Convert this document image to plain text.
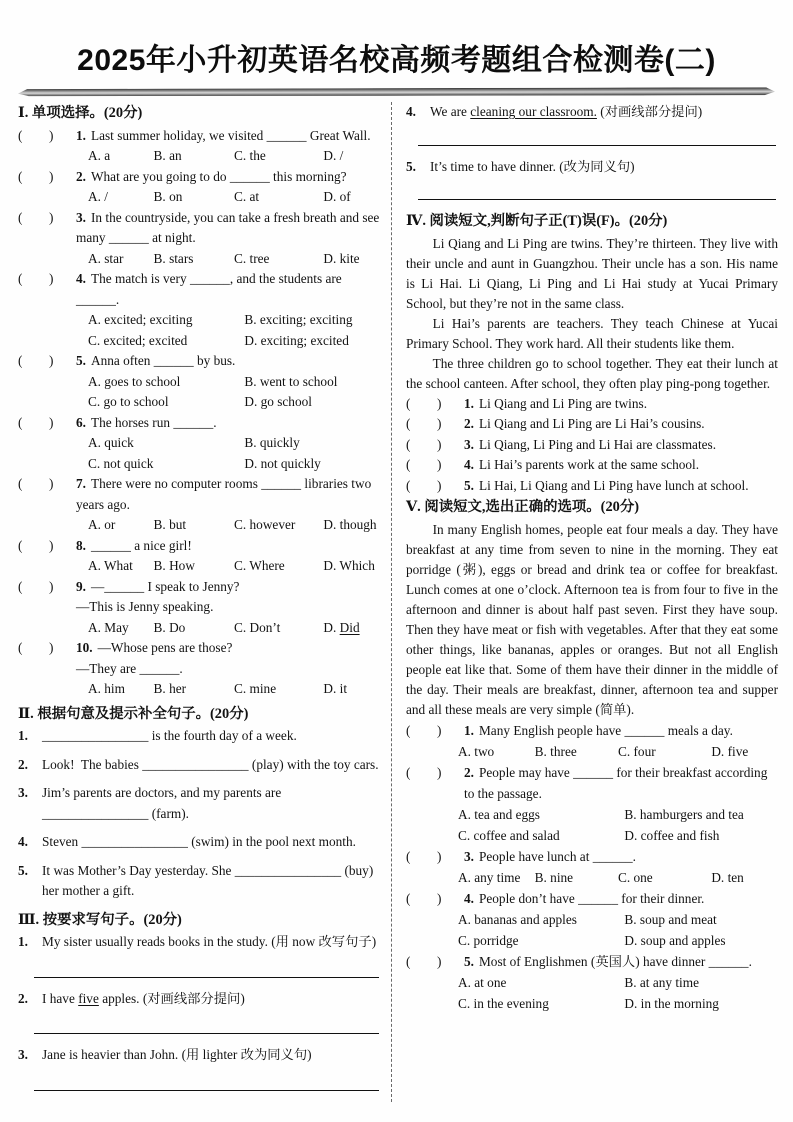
2025年小升初英语名校高频考题组合检测卷(二)
Ⅰ. 单项选择。(20分)
(        )	1. Last summer holiday, we visited ______ Great Wall.
A. a	B. an	C. the	D. /
(        )	2. What are you going to do ______ this morning?
A. /	B. on	C. at	D. of
(        )	3. In the countryside, you can take a fresh breath and see many ______ at night.
A. star	B. stars	C. tree	D. kite
(        )	4. The match is very ______, and the students are ______.
A. excited; exciting	B. exciting; exciting
C. excited; excited	D. exciting; excited
(        )	5. Anna often ______ by bus.
A. goes to school	B. went to school
C. go to school	D. go school
(        )	6. The horses run ______.
A. quick	B. quickly
C. not quick	D. not quickly
(        )	7. There were no computer rooms ______ libraries two years ago.
A. or	B. but	C. however	D. though
(        )	8. ______ a nice girl!
A. What	B. How	C. Where	D. Which
(        )	9. —______ I speak to Jenny?
—This is Jenny speaking.
A. May	B. Do	C. Don’t	D. Did
(        )	10. —Whose pens are those?
—They are ______.
A. him	B. her	C. mine	D. it
Ⅱ. 根据句意及提示补全句子。(20分)
1.	________________ is the fourth day of a week.
2.	Look!  The babies ________________ (play) with the toy cars.
3.	Jim’s parents are doctors, and my parents are ________________ (farm).
4.	Steven ________________ (swim) in the pool next month.
5.	It was Mother’s Day yesterday. She ________________ (buy) her mother a gift.
Ⅲ. 按要求写句子。(20分)
1.	My sister usually reads books in the study. (用 now 改写句子)
2.	I have five apples. (对画线部分提问)
3.	Jane is heavier than John. (用 lighter 改为同义句)
4.	We are cleaning our classroom. (对画线部分提问)
5.	It’s time to have dinner. (改为同义句)
Ⅳ. 阅读短文,判断句子正(T)误(F)。(20分)

Li Qiang and Li Ping are twins. They’re thirteen. They live with their uncle and aunt in Guangzhou. Their uncle has a son. His name is Li Hai. Li Qiang, Li Ping and Li Hai study at Yucai Primary School, but they’re not in the same class.

Li Hai’s parents are teachers. They teach Chinese at Yucai Primary School. They work hard. All their students like them.

The three children go to school together. They eat their lunch at the school canteen. After school, they often play ping-pong together.

(        )	1. Li Qiang and Li Ping are twins.
(        )	2. Li Qiang and Li Ping are Li Hai’s cousins.
(        )	3. Li Qiang, Li Ping and Li Hai are classmates.
(        )	4. Li Hai’s parents work at the same school.
(        )	5. Li Hai, Li Qiang and Li Ping have lunch at school.
Ⅴ. 阅读短文,选出正确的选项。(20分)

In many English homes, people eat four meals a day. They have breakfast at any time from seven to nine in the morning. They eat porridge (粥), eggs or bread and drink tea or coffee for breakfast. Lunch comes at one o’clock. Afternoon tea is from four to five in the afternoon and dinner is about half past seven. First they have soup. Then they have meat or fish with vegetables. After that they eat some other things, like bananas, apples or oranges. But not all English people eat like that. Some of them have their dinner in the middle of the day. Their meals are breakfast, dinner, afternoon tea and supper and all these meals are very simple (简单).

(        )	1. Many English people have ______ meals a day.
A. two	B. three	C. four	D. five
(        )	2. People may have ______ for their breakfast according to the passage.
A. tea and eggs	B. hamburgers and tea
C. coffee and salad	D. coffee and fish
(        )	3. People have lunch at ______.
A. any time	B. nine	C. one	D. ten
(        )	4. People don’t have ______ for their dinner.
A. bananas and apples	B. soup and meat
C. porridge	D. soup and apples
(        )	5. Most of Englishmen (英国人) have dinner ______.
A. at one	B. at any time
C. in the evening	D. in the morning
